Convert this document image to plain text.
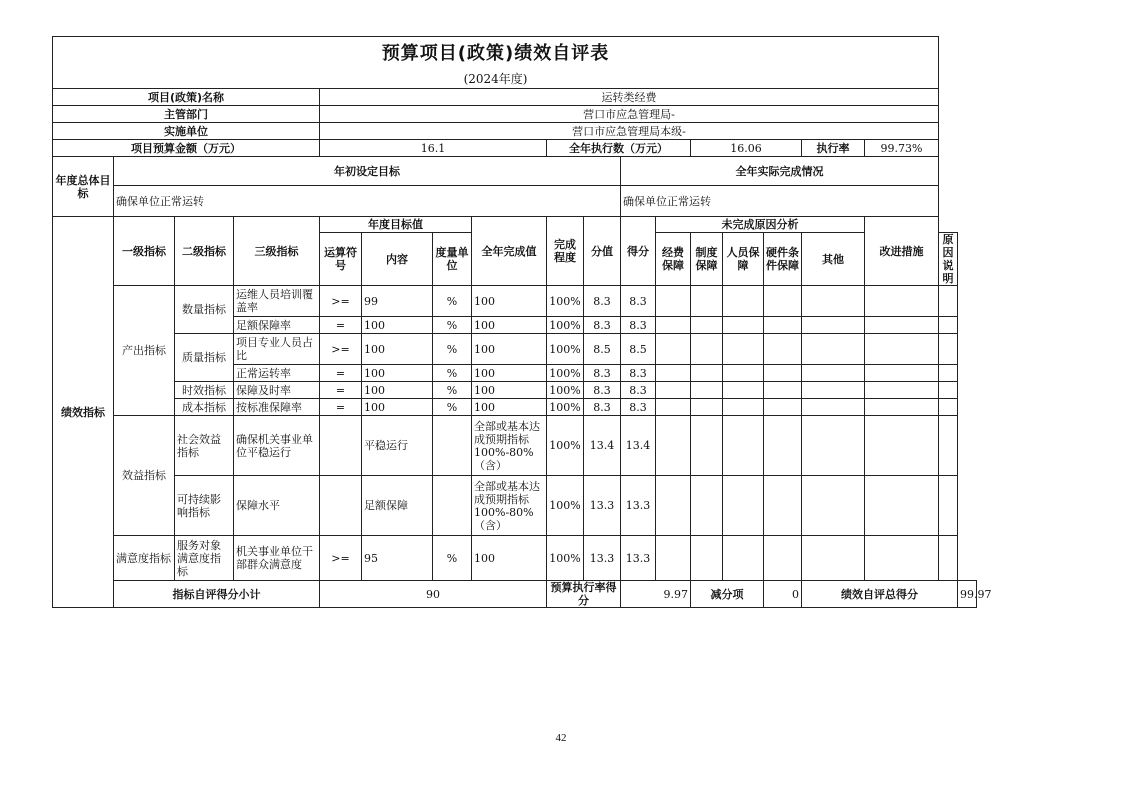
预算项目(政策)绩效自评表																		
(2024年度)																		
项目(政策)名称				运转类经费														
主管部门				营口市应急管理局-														
实施单位				营口市应急管理局本级-														
项目预算金额（万元）				16.1				全年执行数（万元）				16.06			执行率	99.73%		
年度总体目标	年初设定目标									全年实际完成情况								
	确保单位正常运转									确保单位正常运转								
绩效指标	一级指标	二级指标	三级指标	年度目标值			全年完成值	完成程度	分值	得分	未完成原因分析					改进措施		
				运算符号	内容	度量单位					经费保障	制度保障	人员保障	硬件条件保障	其他		原因说明	
	产出指标	数量指标	运维人员培训覆盖率	>=	99	%	100	100%	8.3	8.3								
			足额保障率	=	100	%	100	100%	8.3	8.3								
		质量指标	项目专业人员占比	>=	100	%	100	100%	8.5	8.5								
			正常运转率	=	100	%	100	100%	8.3	8.3								
		时效指标	保障及时率	=	100	%	100	100%	8.3	8.3								
		成本指标	按标准保障率	=	100	%	100	100%	8.3	8.3								
	效益指标	社会效益指标	确保机关事业单位平稳运行		平稳运行		全部或基本达成预期指标100%-80%（含）	100%	13.4	13.4								
		可持续影响指标	保障水平		足额保障		全部或基本达成预期指标100%-80%（含）	100%	13.3	13.3								
	满意度指标	服务对象满意度指标	机关事业单位干部群众满意度	>=	95	%	100	100%	13.3	13.3								
	指标自评得分小计			90				预算执行率得分		9.97		减分项		0	绩效自评总得分			99.97
42
